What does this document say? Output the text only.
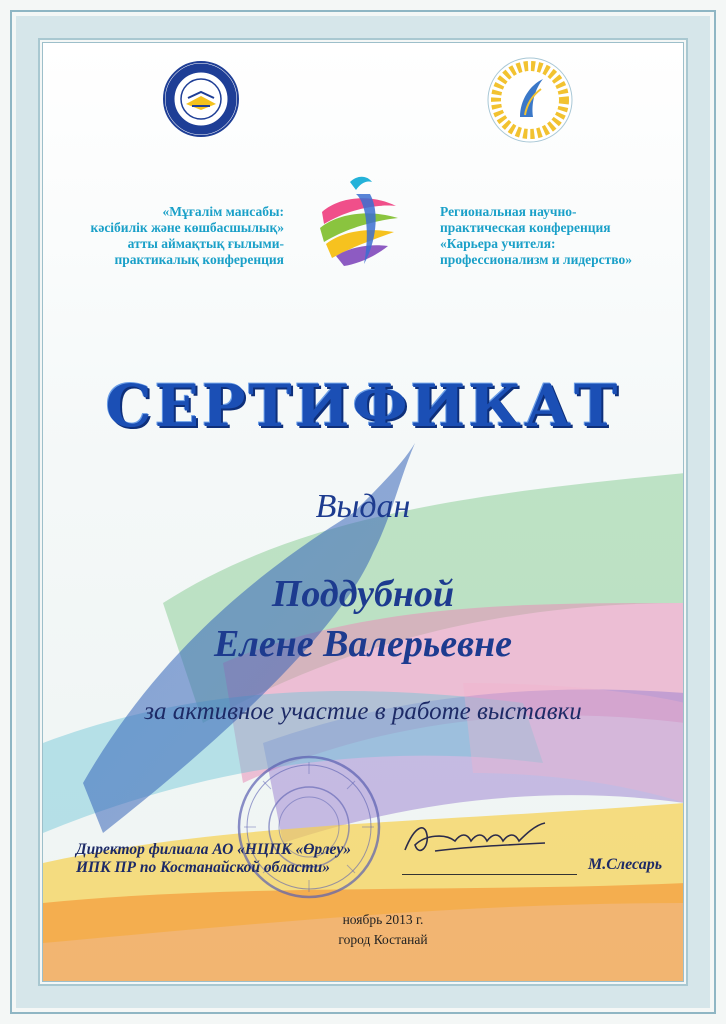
«Мұғалім мансабы:
кәсібилік және көшбасшылық»
атты аймақтық ғылыми-
практикалық конференция
Региональная научно-
практическая конференция
«Карьера учителя:
профессионализм и лидерство»
СЕРТИФИКАТ
Выдан
Поддубной
Елене Валерьевне
за активное участие в работе выставки
Директор филиала АО «НЦПК «Өрлеу»
ИПК ПР по Костанайской области»	М.Слесарь
ноябрь 2013 г.
город Костанай
